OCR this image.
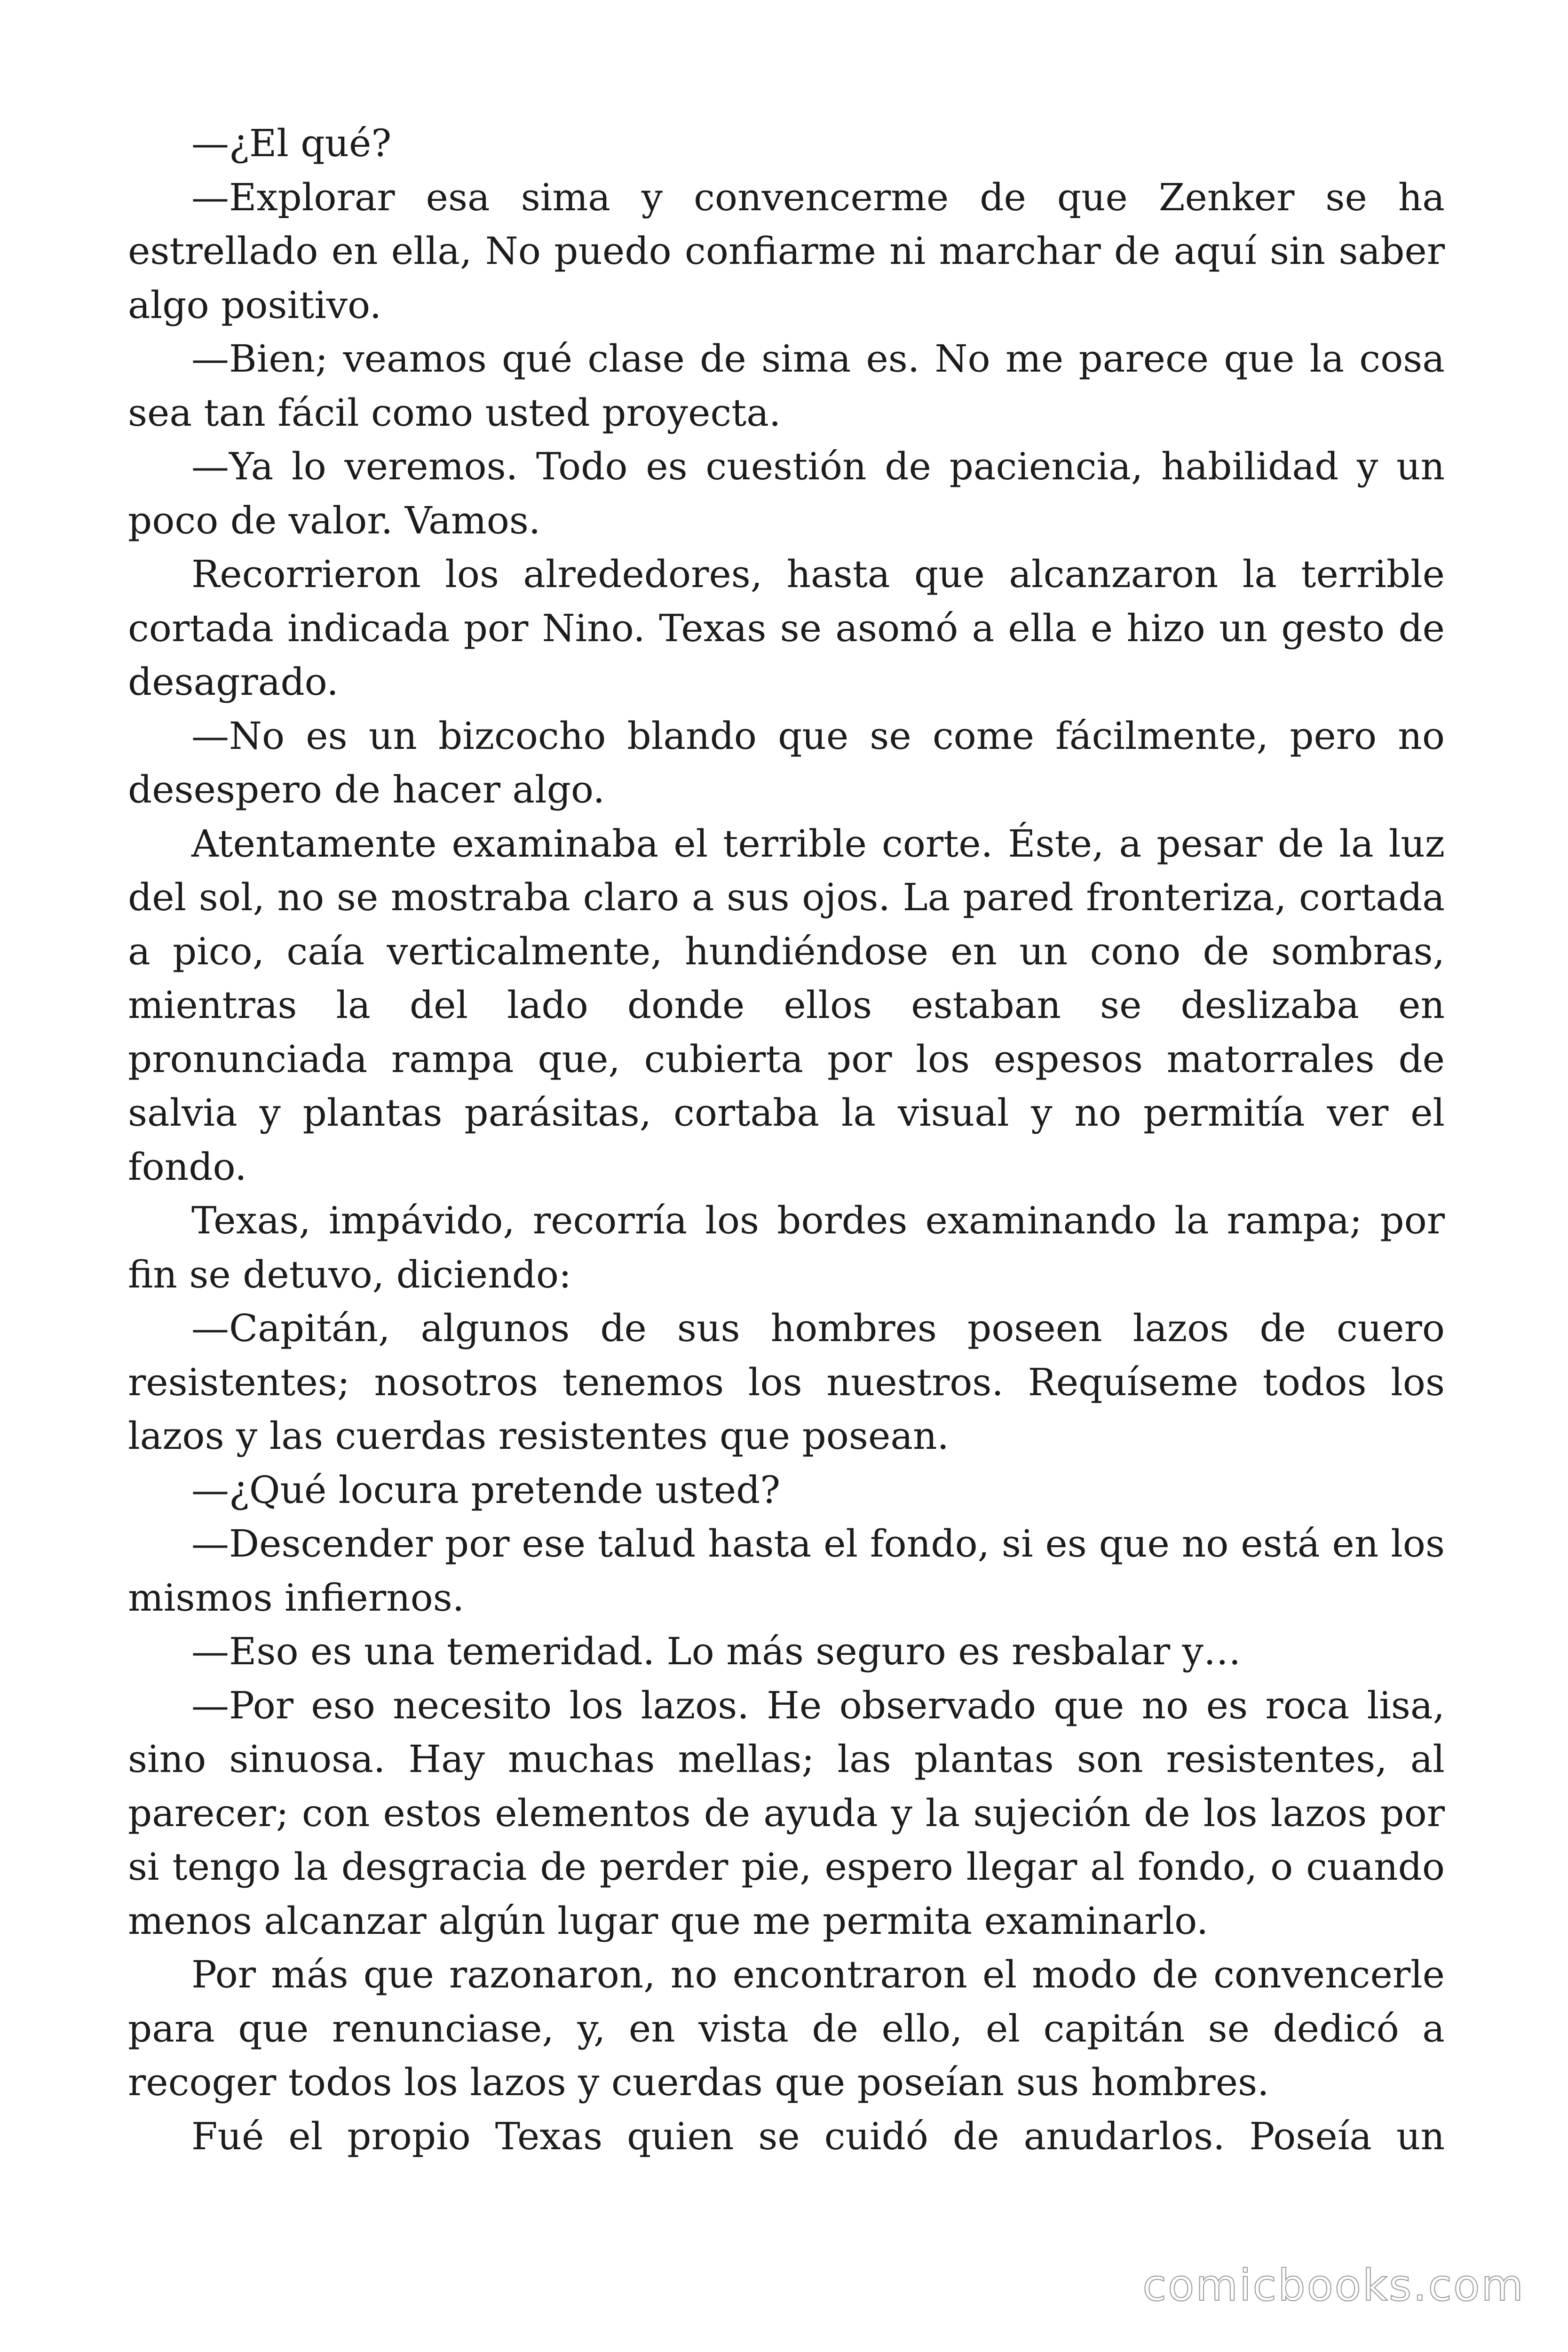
—¿El qué?

—Explorar esa sima y convencerme de que Zenker se ha estrellado en ella, No puedo confiarme ni marchar de aquí sin saber algo positivo.

—Bien; veamos qué clase de sima es. No me parece que la cosa sea tan fácil como usted proyecta.

—Ya lo veremos. Todo es cuestión de paciencia, habilidad y un poco de valor. Vamos.

Recorrieron los alrededores, hasta que alcanzaron la terrible cortada indicada por Nino. Texas se asomó a ella e hizo un gesto de desagrado.

—No es un bizcocho blando que se come fácilmente, pero no desespero de hacer algo.

Atentamente examinaba el terrible corte. Éste, a pesar de la luz del sol, no se mostraba claro a sus ojos. La pared fronteriza, cortada a pico, caía verticalmente, hundiéndose en un cono de sombras, mientras la del lado donde ellos estaban se deslizaba en pronunciada rampa que, cubierta por los espesos matorrales de salvia y plantas parásitas, cortaba la visual y no permitía ver el fondo.

Texas, impávido, recorría los bordes examinando la rampa; por fin se detuvo, diciendo:

—Capitán, algunos de sus hombres poseen lazos de cuero resistentes; nosotros tenemos los nuestros. Requíseme todos los lazos y las cuerdas resistentes que posean.

—¿Qué locura pretende usted?

—Descender por ese talud hasta el fondo, si es que no está en los mismos infiernos.

—Eso es una temeridad. Lo más seguro es resbalar y…

—Por eso necesito los lazos. He observado que no es roca lisa, sino sinuosa. Hay muchas mellas; las plantas son resistentes, al parecer; con estos elementos de ayuda y la sujeción de los lazos por si tengo la desgracia de perder pie, espero llegar al fondo, o cuando menos alcanzar algún lugar que me permita examinarlo.

Por más que razonaron, no encontraron el modo de convencerle para que renunciase, y, en vista de ello, el capitán se dedicó a recoger todos los lazos y cuerdas que poseían sus hombres.

Fué el propio Texas quien se cuidó de anudarlos. Poseía un

comicbooks.com
